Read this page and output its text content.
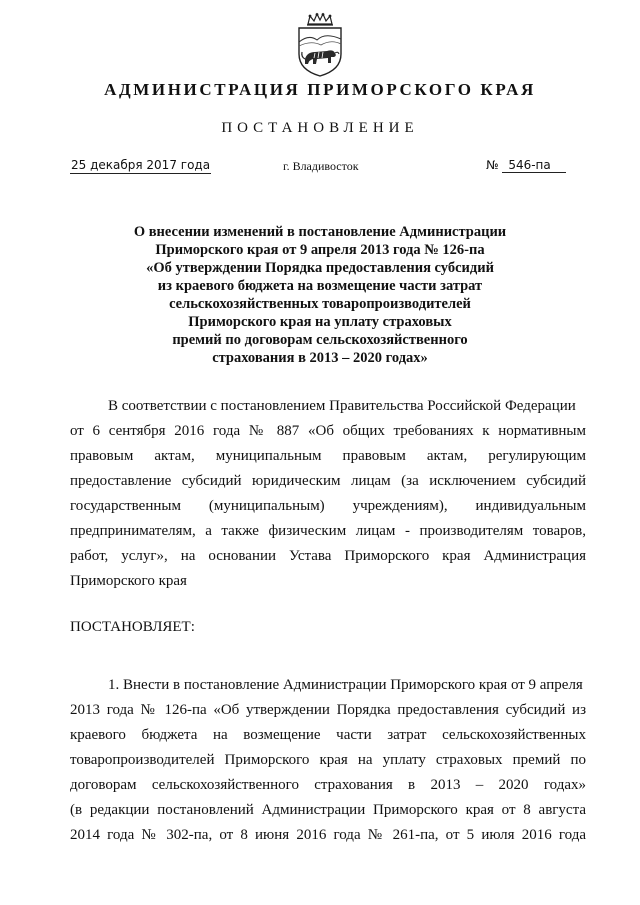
АДМИНИСТРАЦИЯ ПРИМОРСКОГО КРАЯ
ПОСТАНОВЛЕНИЕ
25 декабря 2017 года	г. Владивосток	№ 546-па
О внесении изменений в постановление Администрации
Приморского края от 9 апреля 2013 года № 126-па
«Об утверждении Порядка предоставления субсидий
из краевого бюджета на возмещение части затрат
сельскохозяйственных товаропроизводителей
Приморского края на уплату страховых
премий по договорам сельскохозяйственного
страхования в 2013 – 2020 годах»
В соответствии с постановлением Правительства Российской Федерации
от 6 сентября 2016 года № 887 «Об общих требованиях к нормативным
правовым актам, муниципальным правовым актам, регулирующим
предоставление субсидий юридическим лицам (за исключением субсидий
государственным (муниципальным) учреждениям), индивидуальным
предпринимателям, а также физическим лицам - производителям товаров,
работ, услуг», на основании Устава Приморского края Администрация
Приморского края
ПОСТАНОВЛЯЕТ:
1. Внести в постановление Администрации Приморского края от 9 апреля
2013 года № 126-па «Об утверждении Порядка предоставления субсидий из
краевого бюджета на возмещение части затрат сельскохозяйственных
товаропроизводителей Приморского края на уплату страховых премий по
договорам сельскохозяйственного страхования в 2013 – 2020 годах»
(в редакции постановлений Администрации Приморского края от 8 августа
2014 года № 302-па, от 8 июня 2016 года № 261-па, от 5 июля 2016 года
